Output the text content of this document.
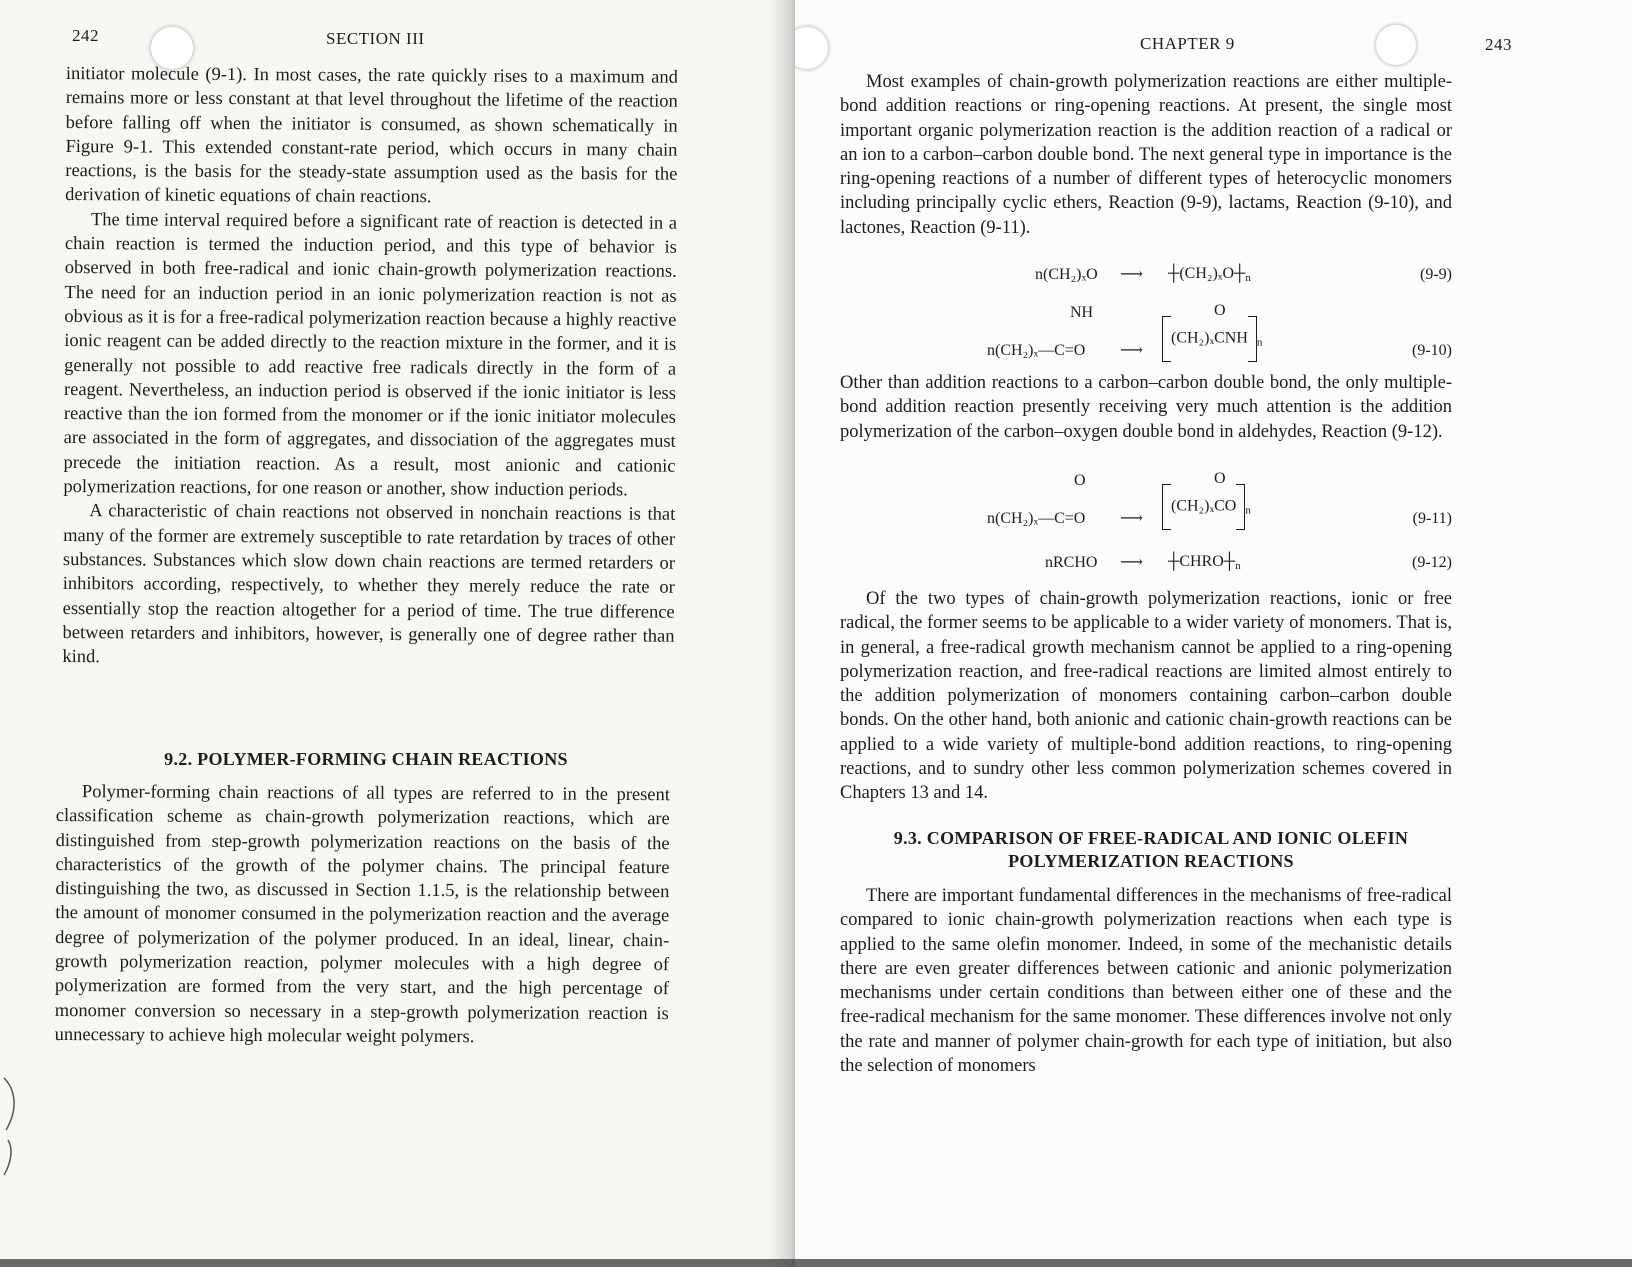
242	SECTION III

initiator molecule (9-1). In most cases, the rate quickly rises to a maximum and remains more or less constant at that level throughout the lifetime of the reaction before falling off when the initiator is consumed, as shown schematically in Figure 9-1. This extended constant-rate period, which occurs in many chain reactions, is the basis for the steady-state assumption used as the basis for the derivation of kinetic equations of chain reactions.

The time interval required before a significant rate of reaction is detected in a chain reaction is termed the induction period, and this type of behavior is observed in both free-radical and ionic chain-growth polymerization reactions. The need for an induction period in an ionic polymerization reaction is not as obvious as it is for a free-radical polymerization reaction because a highly reactive ionic reagent can be added directly to the reaction mixture in the former, and it is generally not possible to add reactive free radicals directly in the form of a reagent. Nevertheless, an induction period is observed if the ionic initiator is less reactive than the ion formed from the monomer or if the ionic initiator molecules are associated in the form of aggregates, and dissociation of the aggregates must precede the initiation reaction. As a result, most anionic and cationic polymerization reactions, for one reason or another, show induction periods.

A characteristic of chain reactions not observed in nonchain reactions is that many of the former are extremely susceptible to rate retardation by traces of other substances. Substances which slow down chain reactions are termed retarders or inhibitors according, respectively, to whether they merely reduce the rate or essentially stop the reaction altogether for a period of time. The true difference between retarders and inhibitors, however, is generally one of degree rather than kind.

9.2. POLYMER-FORMING CHAIN REACTIONS

Polymer-forming chain reactions of all types are referred to in the present classification scheme as chain-growth polymerization reactions, which are distinguished from step-growth polymerization reactions on the basis of the characteristics of the growth of the polymer chains. The principal feature distinguishing the two, as discussed in Section 1.1.5, is the relationship between the amount of monomer consumed in the polymerization reaction and the average degree of polymerization of the polymer produced. In an ideal, linear, chain-growth polymerization reaction, polymer molecules with a high degree of polymerization are formed from the very start, and the high percentage of monomer conversion so necessary in a step-growth polymerization reaction is unnecessary to achieve high molecular weight polymers.

CHAPTER 9	243

Most examples of chain-growth polymerization reactions are either multiple-bond addition reactions or ring-opening reactions. At present, the single most important organic polymerization reaction is the addition reaction of a radical or an ion to a carbon–carbon double bond. The next general type in importance is the ring-opening reactions of a number of different types of heterocyclic monomers including principally cyclic ethers, Reaction (9-9), lactams, Reaction (9-10), and lactones, Reaction (9-11).

n(CH₂)ₓO ⟶ $┼(CH_2)_xO┼_n$	(9-9)
NH
n(CH₂)ₓ—C=O ⟶
O
(CH₂)ₓCNH $_n$	(9-10)

Other than addition reactions to a carbon–carbon double bond, the only multiple-bond addition reaction presently receiving very much attention is the addition polymerization of the carbon–oxygen double bond in aldehydes, Reaction (9-12).

O
n(CH₂)ₓ—C=O ⟶
O
(CH₂)ₓCO $_n$	(9-11)
nRCHO ⟶ $┼CHRO┼_n$	(9-12)

Of the two types of chain-growth polymerization reactions, ionic or free radical, the former seems to be applicable to a wider variety of monomers. That is, in general, a free-radical growth mechanism cannot be applied to a ring-opening polymerization reaction, and free-radical reactions are limited almost entirely to the addition polymerization of monomers containing carbon–carbon double bonds. On the other hand, both anionic and cationic chain-growth reactions can be applied to a wide variety of multiple-bond addition reactions, to ring-opening reactions, and to sundry other less common polymerization schemes covered in Chapters 13 and 14.

9.3. COMPARISON OF FREE-RADICAL AND IONIC OLEFIN
POLYMERIZATION REACTIONS

There are important fundamental differences in the mechanisms of free-radical compared to ionic chain-growth polymerization reactions when each type is applied to the same olefin monomer. Indeed, in some of the mechanistic details there are even greater differences between cationic and anionic polymerization mechanisms under certain conditions than between either one of these and the free-radical mechanism for the same monomer. These differences involve not only the rate and manner of polymer chain-growth for each type of initiation, but also the selection of monomers
